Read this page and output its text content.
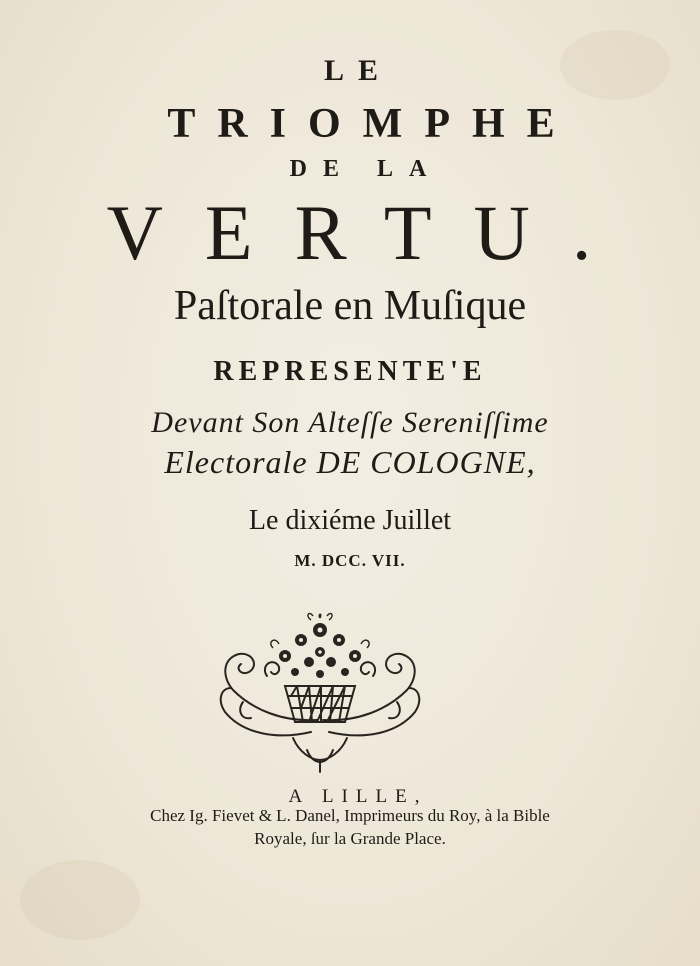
LE
TRIOMPHE
DE LA
VERTU.
Paſtorale en Muſique
REPRESENTE'E
Devant Son Alteſſe Sereniſſime
Electorale DE COLOGNE,
Le dixiéme Juillet
M. DCC. VII.
A LILLE,
Chez Ig. Fievet & L. Danel, Imprimeurs du Roy, à la Bible
Royale, ſur la Grande Place.
